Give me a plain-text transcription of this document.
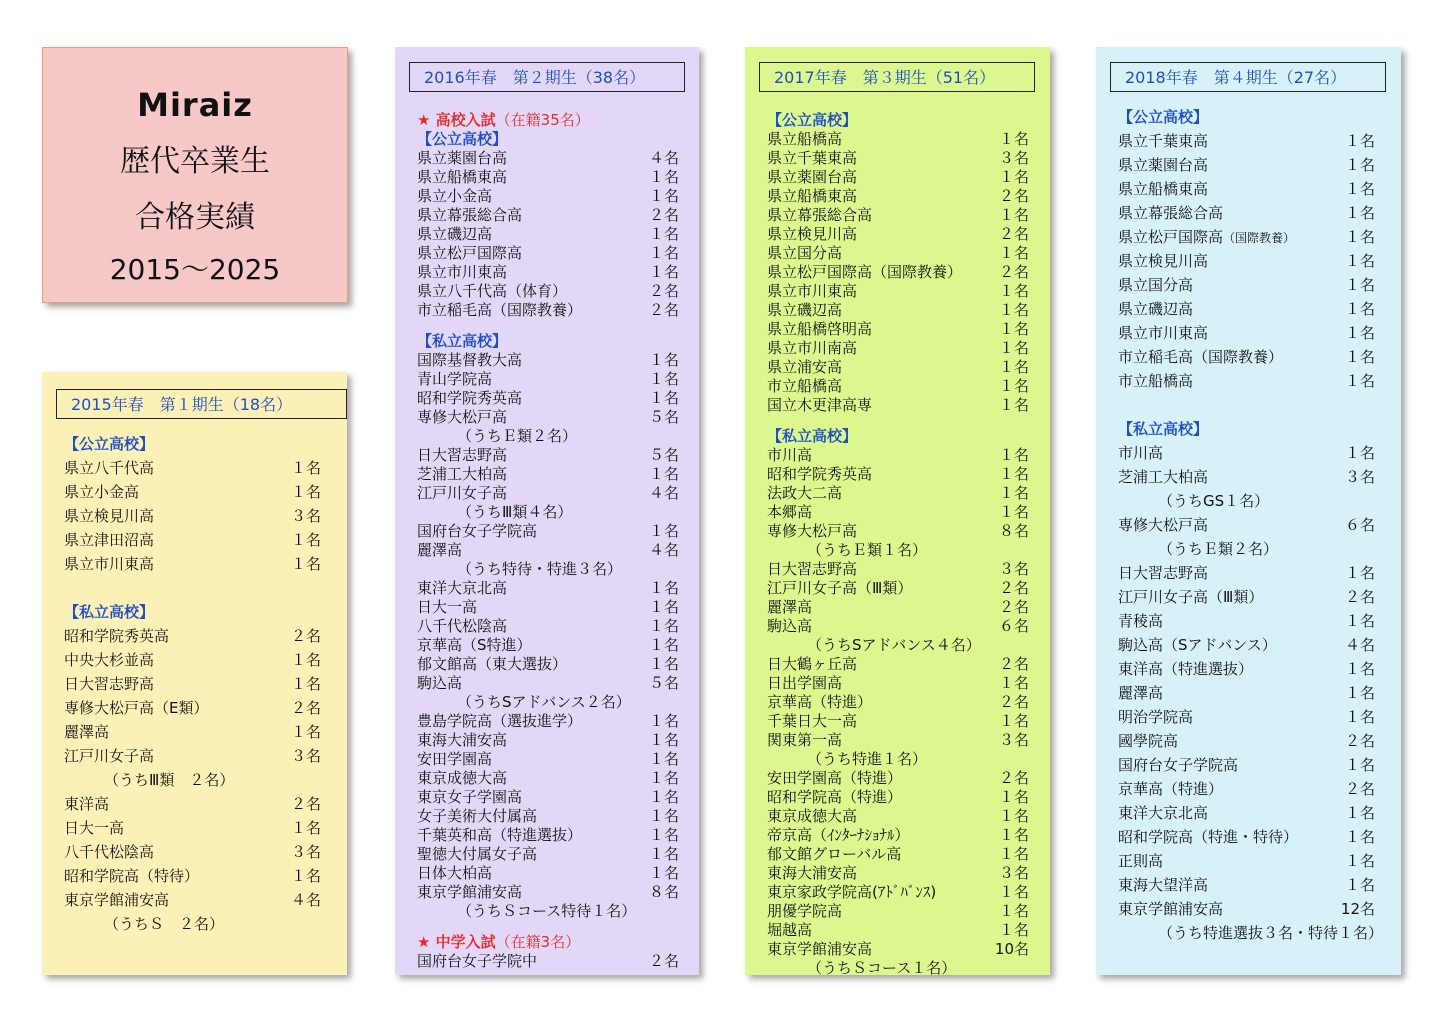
Miraiz
歴代卒業生
合格実績
2015〜2025
2015年春　第１期生（18名）
【公立高校】
県立八千代高	１名
県立小金高	１名
県立検見川高	３名
県立津田沼高	１名
県立市川東高	１名
【私立高校】
昭和学院秀英高	２名
中央大杉並高	１名
日大習志野高	１名
専修大松戸高（E類）	２名
麗澤高	１名
江戸川女子高	３名
（うちⅢ類　２名）
東洋高	２名
日大一高	１名
八千代松陰高	３名
昭和学院高（特待）	１名
東京学館浦安高	４名
（うちＳ　２名）
2016年春　第２期生（38名）
★ 高校入試（在籍35名）
【公立高校】
県立薬園台高	４名
県立船橋東高	１名
県立小金高	１名
県立幕張総合高	２名
県立磯辺高	１名
県立松戸国際高	１名
県立市川東高	１名
県立八千代高（体育）	２名
市立稲毛高（国際教養）	２名
【私立高校】
国際基督教大高	１名
青山学院高	１名
昭和学院秀英高	１名
専修大松戸高	５名
（うちＥ類２名）
日大習志野高	５名
芝浦工大柏高	１名
江戸川女子高	４名
（うちⅢ類４名）
国府台女子学院高	１名
麗澤高	４名
（うち特待・特進３名）
東洋大京北高	１名
日大一高	１名
八千代松陰高	１名
京華高（S特進）	１名
郁文館高（東大選抜）	１名
駒込高	５名
（うちSアドバンス２名）
豊島学院高（選抜進学）	１名
東海大浦安高	１名
安田学園高	１名
東京成徳大高	１名
東京女子学園高	１名
女子美術大付属高	１名
千葉英和高（特進選抜）	１名
聖徳大付属女子高	１名
日体大柏高	１名
東京学館浦安高	８名
（うちＳコース特待１名）
★ 中学入試（在籍3名）
国府台女子学院中	２名
2017年春　第３期生（51名）
【公立高校】
県立船橋高	１名
県立千葉東高	３名
県立薬園台高	１名
県立船橋東高	２名
県立幕張総合高	１名
県立検見川高	２名
県立国分高	１名
県立松戸国際高（国際教養） ２名
県立市川東高	１名
県立磯辺高	１名
県立船橋啓明高	１名
県立市川南高	１名
県立浦安高	１名
市立船橋高	１名
国立木更津高専	１名
【私立高校】
市川高	１名
昭和学院秀英高	１名
法政大二高	１名
本郷高	１名
専修大松戸高	８名
（うちＥ類１名）
日大習志野高	３名
江戸川女子高（Ⅲ類）	２名
麗澤高	２名
駒込高	６名
（うちSアドバンス４名）
日大鶴ヶ丘高	２名
日出学園高	１名
京華高（特進）	２名
千葉日大一高	１名
関東第一高	３名
（うち特進１名）
安田学園高（特進）	２名
昭和学院高（特進）	１名
東京成徳大高	１名
帝京高（ｲﾝﾀｰﾅｼｮﾅﾙ）	１名
郁文館グローバル高	１名
東海大浦安高	３名
東京家政学院高(ｱﾄﾞﾊﾞﾝｽ)	１名
朋優学院高	１名
堀越高	１名
東京学館浦安高	10名
（うちＳコース１名）
2018年春　第４期生（27名）
【公立高校】
県立千葉東高	１名
県立薬園台高	１名
県立船橋東高	１名
県立幕張総合高	１名
県立松戸国際高（国際教養）	１名
県立検見川高	１名
県立国分高	１名
県立磯辺高	１名
県立市川東高	１名
市立稲毛高（国際教養）	１名
市立船橋高	１名
【私立高校】
市川高	１名
芝浦工大柏高	３名
（うちGS１名）
専修大松戸高	６名
（うちＥ類２名）
日大習志野高	１名
江戸川女子高（Ⅲ類）	２名
青稜高	１名
駒込高（Sアドバンス）	４名
東洋高（特進選抜）	１名
麗澤高	１名
明治学院高	１名
國學院高	２名
国府台女子学院高	１名
京華高（特進）	２名
東洋大京北高	１名
昭和学院高（特進・特待）	１名
正則高	１名
東海大望洋高	１名
東京学館浦安高	12名
（うち特進選抜３名・特待１名）
